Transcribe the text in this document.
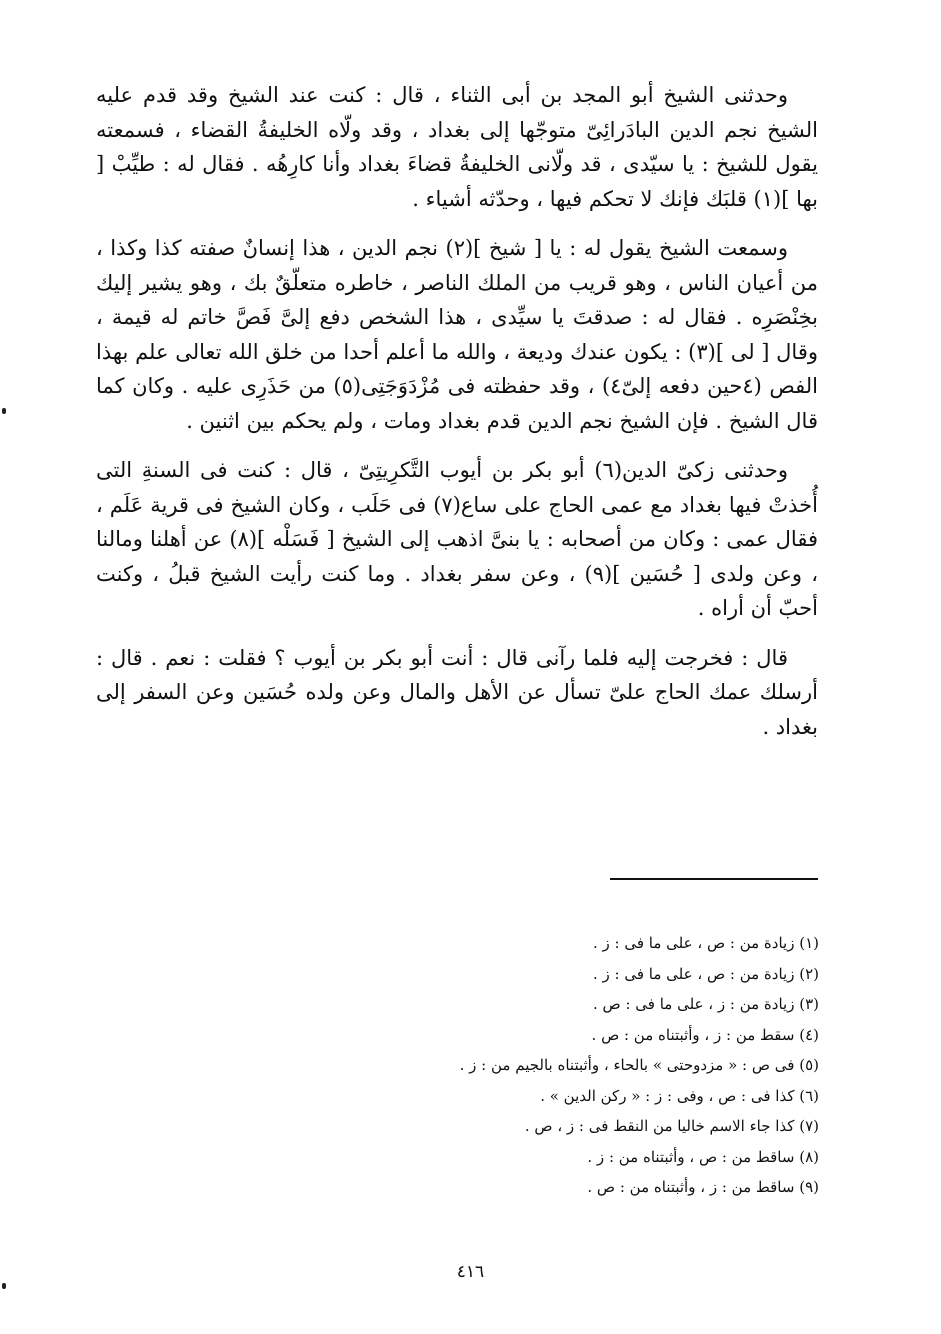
وحدثنى الشيخ أبو المجد بن أبى الثناء ، قال : كنت عند الشيخ وقد قدم عليه الشيخ نجم الدين البادَرائِىّ متوجّها إلى بغداد ، وقد ولّاه الخليفةُ القضاء ، فسمعته يقول للشيخ : يا سيّدى ، قد ولّانى الخليفةُ قضاءَ بغداد وأنا كارِهُه . فقال له : طيِّبْ [ بها ](١) قلبَك فإنك لا تحكم فيها ، وحدّثه أشياء .

وسمعت الشيخ يقول له : يا [ شيخ ](٢) نجم الدين ، هذا إنسانٌ صفته كذا وكذا ، من أعيان الناس ، وهو قريب من الملك الناصر ، خاطره متعلّقٌ بك ، وهو يشير إليك بخِنْصَرِه . فقال له : صدقتَ يا سيِّدى ، هذا الشخص دفع إلىَّ فَصَّ خاتم له قيمة ، وقال [ لى ](٣) : يكون عندك وديعة ، والله ما أعلم أحدا من خلق الله تعالى علم بهذا الفص (٤حين دفعه إلىّ٤) ، وقد حفظته فى مُزْدَوَجَتِى(٥) من حَذَرِى عليه . وكان كما قال الشيخ . فإن الشيخ نجم الدين قدم بغداد ومات ، ولم يحكم بين اثنين .

وحدثنى زكىّ الدين(٦) أبو بكر بن أيوب التَّكرِيتِىّ ، قال : كنت فى السنةِ التى أُخذتْ فيها بغداد مع عمى الحاج على ساع(٧) فى حَلَب ، وكان الشيخ فى قرية عَلَم ، فقال عمى : وكان من أصحابه : يا بنىَّ اذهب إلى الشيخ [ فَسَلْه ](٨) عن أهلنا ومالنا ، وعن ولدى [ حُسَين ](٩) ، وعن سفر بغداد . وما كنت رأيت الشيخ قبلُ ، وكنت أحبّ أن أراه .

قال : فخرجت إليه فلما رآنى قال : أنت أبو بكر بن أيوب ؟ فقلت : نعم . قال : أرسلك عمك الحاج علىّ تسأل عن الأهل والمال وعن ولده حُسَين وعن السفر إلى بغداد .

(١) زيادة من : ص ، على ما فى : ز .
(٢) زيادة من : ص ، على ما فى : ز .
(٣) زيادة من : ز ، على ما فى : ص .
(٤) سقط من : ز ، وأثبتناه من : ص .
(٥) فى ص : « مزدوحتى » بالحاء ، وأثبتناه بالجيم من : ز .
(٦) كذا فى : ص ، وفى : ز : « ركن الدين » .
(٧) كذا جاء الاسم خاليا من النقط فى : ز ، ص .
(٨) ساقط من : ص ، وأثبتناه من : ز .
(٩) ساقط من : ز ، وأثبتناه من : ص .
٤١٦
